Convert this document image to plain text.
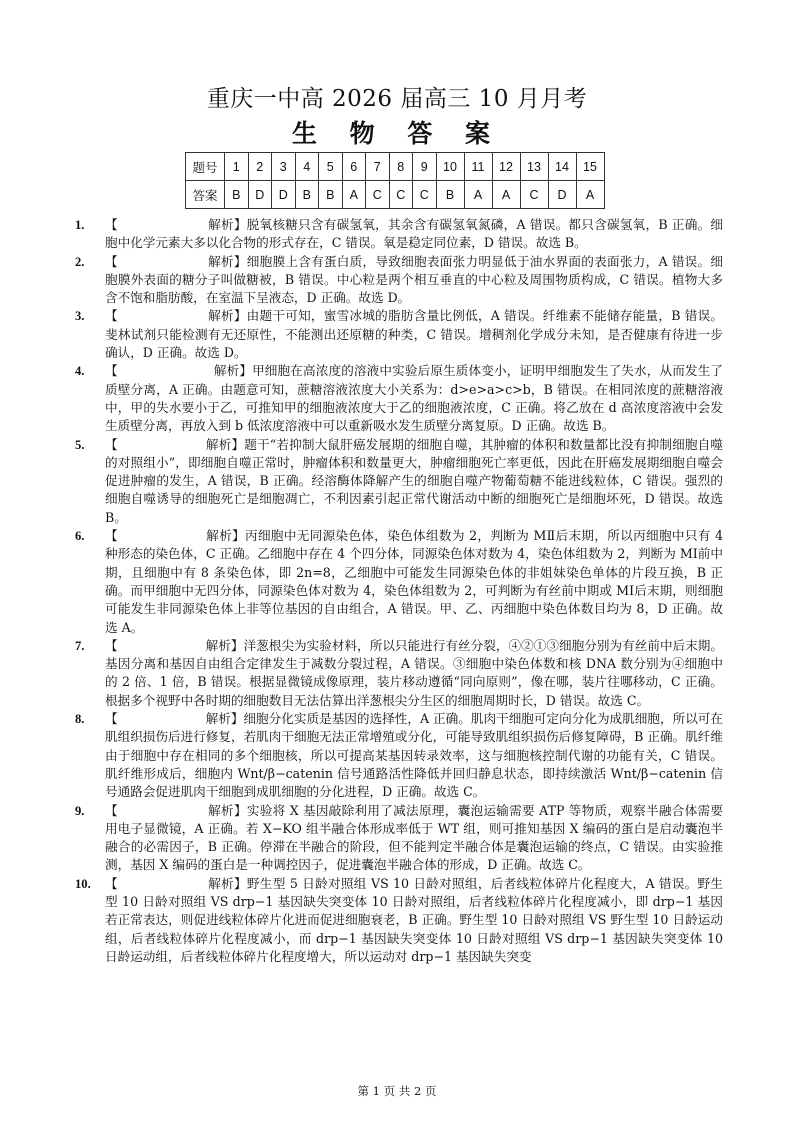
重庆一中高 2026 届高三 10 月月考
生 物 答 案
题号	1	2	3	4	5	6	7	8	9	10	11	12	13	14	15
答案	B	D	D	B	B	A	C	C	C	B	A	A	C	D	A
1. 【	解析】脱氧核糖只含有碳氢氧，其余含有碳氢氧氮磷，A 错误。都只含碳氢氧，B 正确。细胞中化学元素大多以化合物的形式存在，C 错误。氧是稳定同位素，D 错误。故选 B。
2. 【	解析】细胞膜上含有蛋白质，导致细胞表面张力明显低于油水界面的表面张力，A 错误。细胞膜外表面的糖分子叫做糖被，B 错误。中心粒是两个相互垂直的中心粒及周围物质构成，C 错误。植物大多含不饱和脂肪酸，在室温下呈液态，D 正确。故选 D。
3. 【	解析】由题干可知，蜜雪冰城的脂肪含量比例低，A 错误。纤维素不能储存能量，B 错误。斐林试剂只能检测有无还原性，不能测出还原糖的种类，C 错误。增稠剂化学成分未知，是否健康有待进一步确认，D 正确。故选 D。
4. 【	解析】甲细胞在高浓度的溶液中实验后原生质体变小，证明甲细胞发生了失水，从而发生了质壁分离，A 正确。由题意可知，蔗糖溶液浓度大小关系为：d>e>a>c>b，B 错误。在相同浓度的蔗糖溶液中，甲的失水要小于乙，可推知甲的细胞液浓度大于乙的细胞液浓度，C 正确。将乙放在 d 高浓度溶液中会发生质壁分离，再放入到 b 低浓度溶液中可以重新吸水发生质壁分离复原。D 正确。故选 B。
5. 【	解析】题干“若抑制大鼠肝癌发展期的细胞自噬，其肿瘤的体积和数量都比没有抑制细胞自噬的对照组小”，即细胞自噬正常时，肿瘤体积和数量更大，肿瘤细胞死亡率更低，因此在肝癌发展期细胞自噬会促进肿瘤的发生，A 错误，B 正确。经溶酶体降解产生的细胞自噬产物葡萄糖不能进线粒体，C 错误。强烈的细胞自噬诱导的细胞死亡是细胞凋亡，不利因素引起正常代谢活动中断的细胞死亡是细胞坏死，D 错误。故选 B。
6. 【	解析】丙细胞中无同源染色体，染色体组数为 2，判断为 MⅡ后末期，所以丙细胞中只有 4 种形态的染色体，C 正确。乙细胞中存在 4 个四分体，同源染色体对数为 4，染色体组数为 2，判断为 MⅠ前中期，且细胞中有 8 条染色体，即 2n=8，乙细胞中可能发生同源染色体的非姐妹染色单体的片段互换，B 正确。而甲细胞中无四分体，同源染色体对数为 4，染色体组数为 2，可判断为有丝前中期或 MⅠ后末期，则细胞可能发生非同源染色体上非等位基因的自由组合，A 错误。甲、乙、丙细胞中染色体数目均为 8，D 正确。故选 A。
7. 【	解析】洋葱根尖为实验材料，所以只能进行有丝分裂，④②①③细胞分别为有丝前中后末期。基因分离和基因自由组合定律发生于减数分裂过程，A 错误。③细胞中染色体数和核 DNA 数分别为④细胞中的 2 倍、1 倍，B 错误。根据显微镜成像原理，装片移动遵循“同向原则”，像在哪，装片往哪移动，C 正确。根据多个视野中各时期的细胞数目无法估算出洋葱根尖分生区的细胞周期时长，D 错误。故选 C。
8. 【	解析】细胞分化实质是基因的选择性，A 正确。肌肉干细胞可定向分化为成肌细胞，所以可在肌组织损伤后进行修复，若肌肉干细胞无法正常增殖或分化，可能导致肌组织损伤后修复障碍，B 正确。肌纤维由于细胞中存在相同的多个细胞核，所以可提高某基因转录效率，这与细胞核控制代谢的功能有关，C 错误。肌纤维形成后，细胞内 Wnt/β−catenin 信号通路活性降低并回归静息状态，即持续激活 Wnt/β−catenin 信号通路会促进肌肉干细胞到成肌细胞的分化进程，D 正确。故选 C。
9. 【	解析】实验将 X 基因敲除利用了减法原理，囊泡运输需要 ATP 等物质，观察半融合体需要用电子显微镜，A 正确。若 X−KO 组半融合体形成率低于 WT 组，则可推知基因 X 编码的蛋白是启动囊泡半融合的必需因子，B 正确。停滞在半融合的阶段，但不能判定半融合体是囊泡运输的终点，C 错误。由实验推测，基因 X 编码的蛋白是一种调控因子，促进囊泡半融合体的形成，D 正确。故选 C。
10. 【	解析】野生型 5 日龄对照组 VS 10 日龄对照组，后者线粒体碎片化程度大，A 错误。野生型 10 日龄对照组 VS drp−1 基因缺失突变体 10 日龄对照组，后者线粒体碎片化程度减小，即 drp−1 基因若正常表达，则促进线粒体碎片化进而促进细胞衰老，B 正确。野生型 10 日龄对照组 VS 野生型 10 日龄运动组，后者线粒体碎片化程度减小，而 drp−1 基因缺失突变体 10 日龄对照组 VS drp−1 基因缺失突变体 10 日龄运动组，后者线粒体碎片化程度增大，所以运动对 drp−1 基因缺失突变
第 1 页 共 2 页
